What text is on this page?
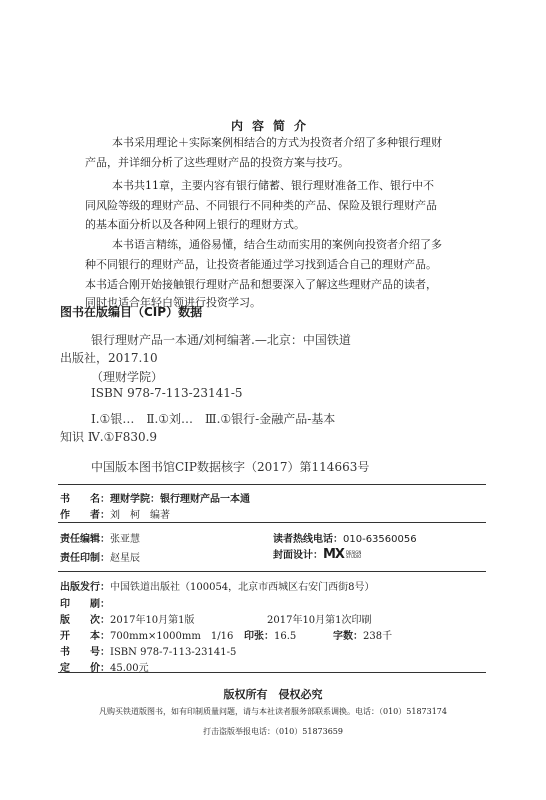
内容简介
本书采用理论＋实际案例相结合的方式为投资者介绍了多种银行理财
产品，并详细分析了这些理财产品的投资方案与技巧。
本书共11章，主要内容有银行储蓄、银行理财准备工作、银行中不
同风险等级的理财产品、不同银行不同种类的产品、保险及银行理财产品
的基本面分析以及各种网上银行的理财方式。
本书语言精练，通俗易懂，结合生动而实用的案例向投资者介绍了多
种不同银行的理财产品，让投资者能通过学习找到适合自己的理财产品。
本书适合刚开始接触银行理财产品和想要深入了解这些理财产品的读者，
同时也适合年轻白领进行投资学习。
图书在版编目（CIP）数据
银行理财产品一本通/刘柯编著.—北京：中国铁道
出版社，2017.10
（理财学院）
ISBN 978-7-113-23141-5
Ⅰ.①银…　Ⅱ.①刘…　Ⅲ.①银行-金融产品-基本
知识 Ⅳ.①F830.9
中国版本图书馆CIP数据核字（2017）第114663号
书　　名：理财学院：银行理财产品一本通
作　　者：刘　柯　编著
责任编辑：张亚慧	读者热线电话：010-63560056
责任印制：赵星辰	封面设计：MX DESIGN
STUDIO
出版发行：中国铁道出版社（100054，北京市西城区右安门西街8号）
印　　刷：
版　　次：2017年10月第1版	2017年10月第1次印刷
开　　本：700mm×1000mm　1/16 印张：16.5	字数：238千
书　　号：ISBN 978-7-113-23141-5
定　　价：45.00元
版权所有　侵权必究
凡购买铁道版图书，如有印制质量问题，请与本社读者服务部联系调换。电话：（010）51873174
打击盗版举报电话：（010）51873659
